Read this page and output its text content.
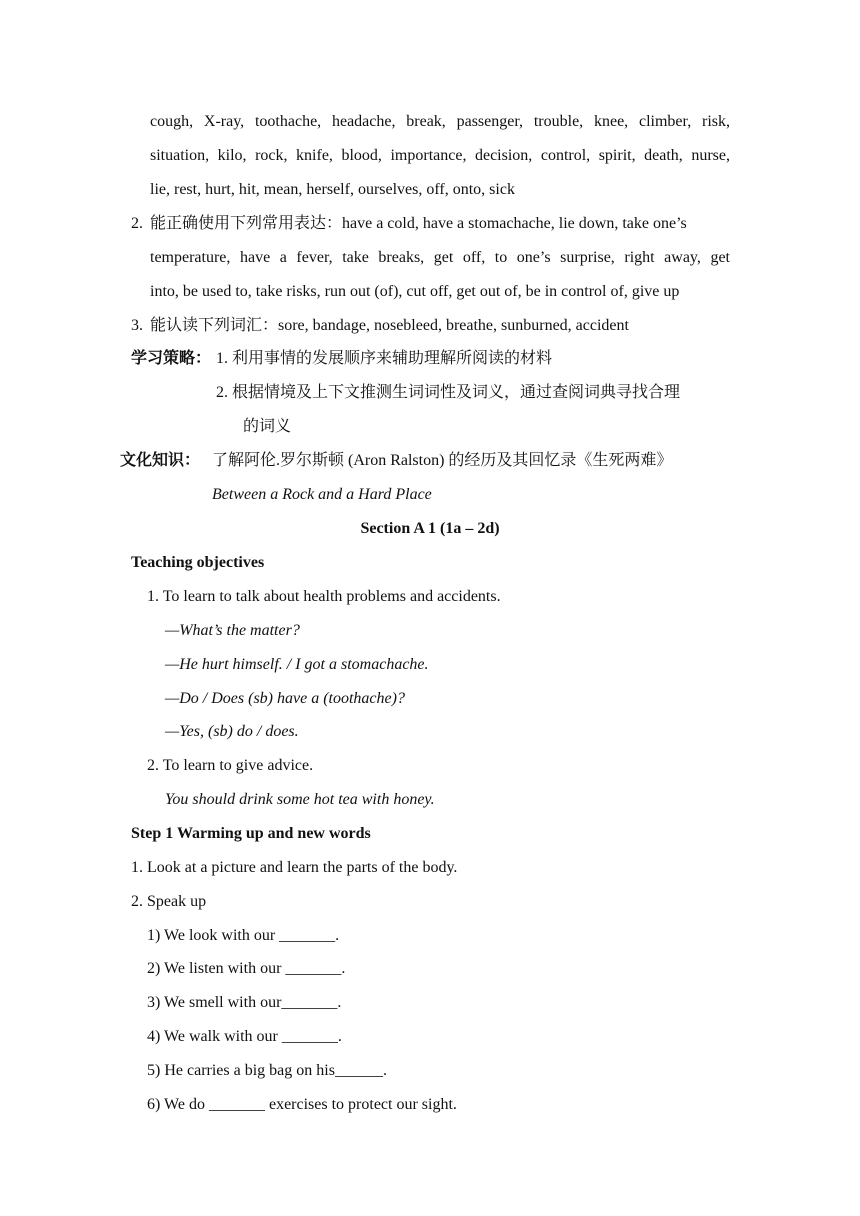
cough, X-ray, toothache, headache, break, passenger, trouble, knee, climber, risk,
situation, kilo, rock, knife, blood, importance, decision, control, spirit, death, nurse,
lie, rest, hurt, hit, mean, herself, ourselves, off, onto, sick
2. 能正确使用下列常用表达：have a cold, have a stomachache, lie down, take one’s
temperature, have a fever, take breaks, get off, to one’s surprise, right away, get
into, be used to, take risks, run out (of), cut off, get out of, be in control of, give up
3. 能认读下列词汇：sore, bandage, nosebleed, breathe, sunburned, accident
学习策略： 1. 利用事情的发展顺序来辅助理解所阅读的材料
2. 根据情境及上下文推测生词词性及词义，通过查阅词典寻找合理
的词义
文化知识： 了解阿伦.罗尔斯顿 (Aron Ralston) 的经历及其回忆录《生死两难》
Between a Rock and a Hard Place
Section A 1 (1a – 2d)
Teaching objectives
1. To learn to talk about health problems and accidents.
—What’s the matter?
—He hurt himself. / I got a stomachache.
—Do / Does (sb) have a (toothache)?
—Yes, (sb) do / does.
2. To learn to give advice.
You should drink some hot tea with honey.
Step 1 Warming up and new words
1. Look at a picture and learn the parts of the body.
2. Speak up
1) We look with our _______.
2) We listen with our _______.
3) We smell with our_______.
4) We walk with our _______.
5) He carries a big bag on his______.
6) We do _______ exercises to protect our sight.
